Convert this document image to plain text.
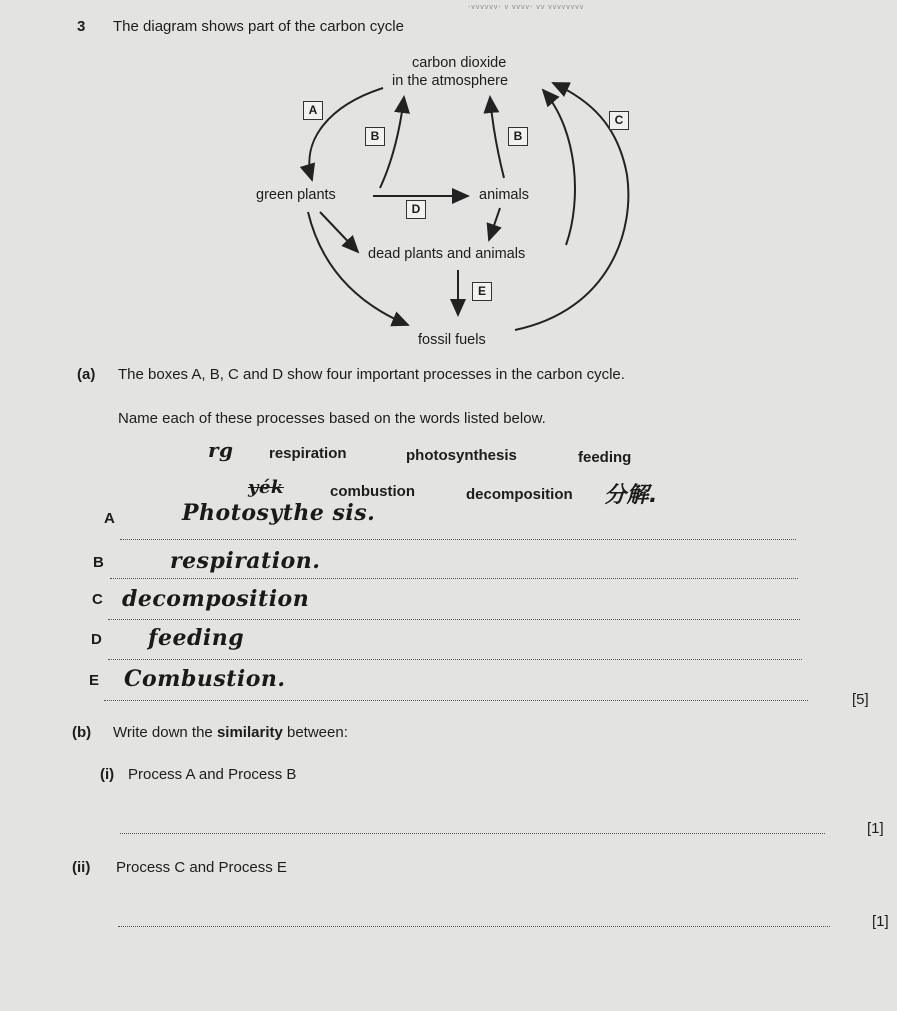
-vvvvvv- v vvvv- vv vvvvvvvv
3 The diagram shows part of the carbon cycle
carbon dioxide
in the atmosphere
green plants	animals
dead plants and animals
fossil fuels
A
B	B
C
D
E
(a) The boxes A, B, C and D show four important processes in the carbon cycle.
Name each of these processes based on the words listed below.
rg respiration	photosynthesis	feeding
yék	combustion	decomposition 分解.
A	Photosythe sis.
B	respiration.
C decomposition
D feeding
E Combustion.
[5]
(b) Write down the similarity between:
(i) Process A and Process B
[1]
(ii) Process C and Process E
[1]
